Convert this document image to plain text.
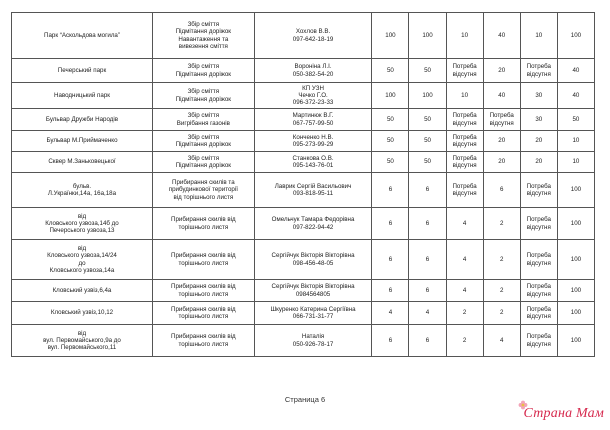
Парк “Аскольдова могила”	Збір сміття
Підмітання доріжок
Навантаження та
вивезення сміття	Хохлов В.В.
097-642-18-19	100	100	10	40	10	100
Печерський парк	Збір сміття
Підмітання доріжок	Вороніна Л.І.
050-382-54-20	50	50	Потреба
відсутня	20	Потреба
відсутня	40
Наводницький парк	Збір сміття
Підмітання доріжок	КП УЗН
Чечко Г.О.
096-372-23-33	100	100	10	40	30	40
Бульвар Дружби Народів	Збір сміття
Вигрібання газонів	Мартинюк В.Г.
067-757-99-50	50	50	Потреба
відсутня	Потреба
відсутня	30	50
Бульвар М.Приймаченко	Збір сміття
Підмітання доріжок	Конченко Н.В.
095-273-99-29	50	50	Потреба
відсутня	20	20	10
Сквер М.Заньковецької	Збір сміття
Підмітання доріжок	Станкова О.В.
095-143-76-01	50	50	Потреба
відсутня	20	20	10
бульв.
Л.Українки,14а, 16а,18а	Прибирання скилів та
прибудинкової території
від торішнього листя	Лаврик Сергій Васильович
093-818-95-11	6	6	Потреба
відсутня	6	Потреба
відсутня	100
від
Кловського узвоза,14б до
Печерського узвоза,13	Прибирання скилів від
торішнього листя	Омельчук Тамара Федорівна
097-822-94-42	6	6	4	2	Потреба
відсутня	100
від
Кловського узвоза,14/24
до
Кловського узвоза,14а	Прибирання скилів від
торішнього листя	Сергійчук Вікторія Вікторівна
098-456-48-05	6	6	4	2	Потреба
відсутня	100
Кловський узвіз,6,4а	Прибирання скилів від
торішнього листя	Сергійчук Вікторія Вікторівна
0984564805	6	6	4	2	Потреба
відсутня	100
Кловський узвіз,10,12	Прибирання скилів від
торішнього листя	Шкуренко Катерина Сергіївна
066-731-31-77	4	4	2	2	Потреба
відсутня	100
від
вул. Первомайського,9а до
вул. Первомайського,11	Прибирання скилів від
торішнього листя	Наталія
050-926-78-17	6	6	2	4	Потреба
відсутня	100
Страница 6
Страна Мам
